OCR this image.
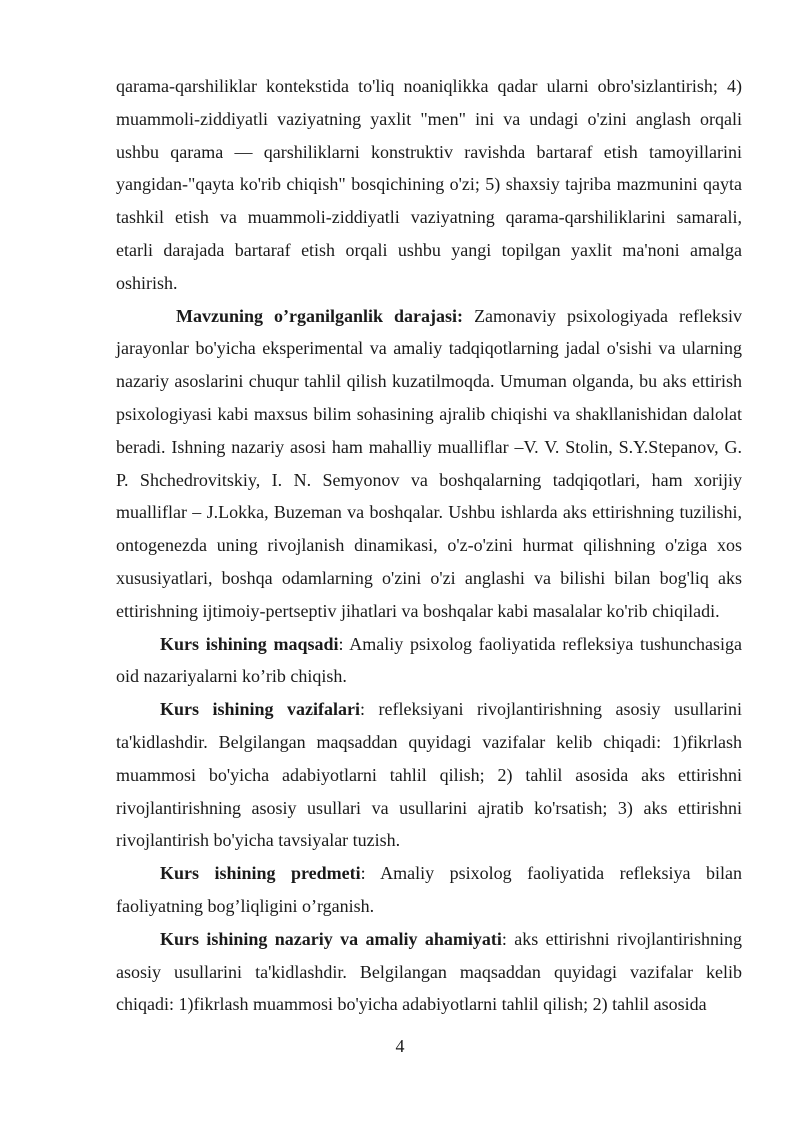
qarama-qarshiliklar kontekstida to'liq noaniqlikka qadar ularni obro'sizlantirish; 4) muammoli-ziddiyatli vaziyatning yaxlit "men" ini va undagi o'zini anglash orqali ushbu qarama — qarshiliklarni konstruktiv ravishda bartaraf etish tamoyillarini yangidan-"qayta ko'rib chiqish" bosqichining o'zi; 5) shaxsiy tajriba mazmunini qayta tashkil etish va muammoli-ziddiyatli vaziyatning qarama-qarshiliklarini samarali, etarli darajada bartaraf etish orqali ushbu yangi topilgan yaxlit ma'noni amalga oshirish.

Mavzuning o’rganilganlik darajasi: Zamonaviy psixologiyada refleksiv jarayonlar bo'yicha eksperimental va amaliy tadqiqotlarning jadal o'sishi va ularning nazariy asoslarini chuqur tahlil qilish kuzatilmoqda. Umuman olganda, bu aks ettirish psixologiyasi kabi maxsus bilim sohasining ajralib chiqishi va shakllanishidan dalolat beradi. Ishning nazariy asosi ham mahalliy mualliflar –V. V. Stolin, S.Y.Stepanov, G. P. Shchedrovitskiy, I. N. Semyonov va boshqalarning tadqiqotlari, ham xorijiy mualliflar – J.Lokka, Buzeman va boshqalar. Ushbu ishlarda aks ettirishning tuzilishi, ontogenezda uning rivojlanish dinamikasi, o'z-o'zini hurmat qilishning o'ziga xos xususiyatlari, boshqa odamlarning o'zini o'zi anglashi va bilishi bilan bog'liq aks ettirishning ijtimoiy-pertseptiv jihatlari va boshqalar kabi masalalar ko'rib chiqiladi.

Kurs ishining maqsadi: Amaliy psixolog faoliyatida refleksiya tushunchasiga oid nazariyalarni ko’rib chiqish.

Kurs ishining vazifalari: refleksiyani rivojlantirishning asosiy usullarini ta'kidlashdir. Belgilangan maqsaddan quyidagi vazifalar kelib chiqadi: 1)fikrlash muammosi bo'yicha adabiyotlarni tahlil qilish; 2) tahlil asosida aks ettirishni rivojlantirishning asosiy usullari va usullarini ajratib ko'rsatish; 3) aks ettirishni rivojlantirish bo'yicha tavsiyalar tuzish.

Kurs ishining predmeti: Amaliy psixolog faoliyatida refleksiya bilan faoliyatning bog’liqligini o’rganish.

Kurs ishining nazariy va amaliy ahamiyati: aks ettirishni rivojlantirishning asosiy usullarini ta'kidlashdir. Belgilangan maqsaddan quyidagi vazifalar kelib chiqadi: 1)fikrlash muammosi bo'yicha adabiyotlarni tahlil qilish; 2) tahlil asosida

4
